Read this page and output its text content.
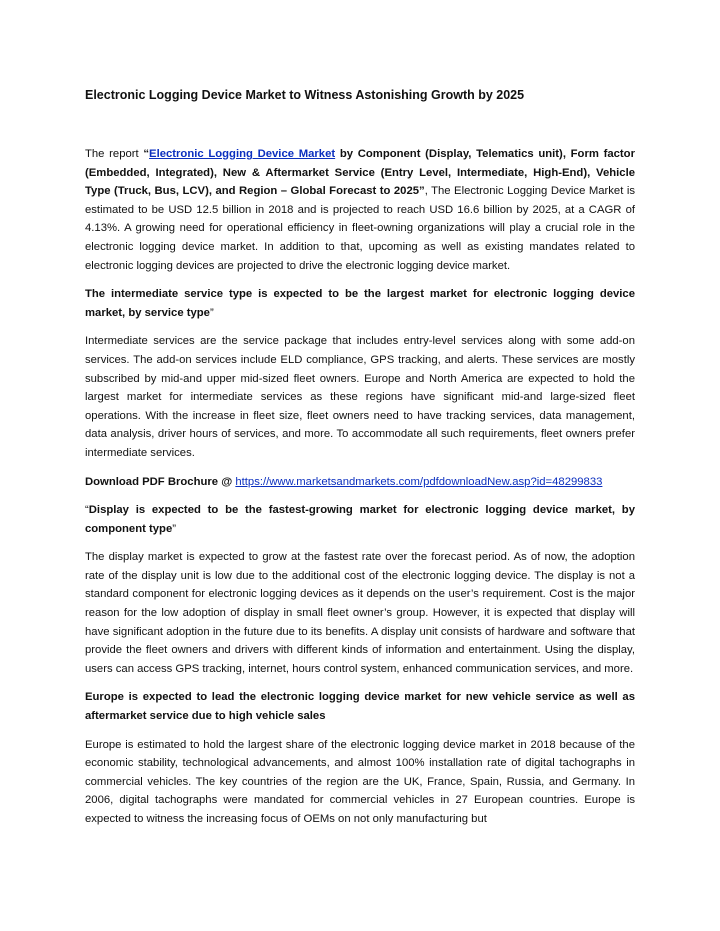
Electronic Logging Device Market to Witness Astonishing Growth by 2025

The report “Electronic Logging Device Market by Component (Display, Telematics unit), Form factor (Embedded, Integrated), New & Aftermarket Service (Entry Level, Intermediate, High-End), Vehicle Type (Truck, Bus, LCV), and Region – Global Forecast to 2025”, The Electronic Logging Device Market is estimated to be USD 12.5 billion in 2018 and is projected to reach USD 16.6 billion by 2025, at a CAGR of 4.13%. A growing need for operational efficiency in fleet-owning organizations will play a crucial role in the electronic logging device market. In addition to that, upcoming as well as existing mandates related to electronic logging devices are projected to drive the electronic logging device market.

The intermediate service type is expected to be the largest market for electronic logging device market, by service type”

Intermediate services are the service package that includes entry-level services along with some add-on services. The add-on services include ELD compliance, GPS tracking, and alerts. These services are mostly subscribed by mid-and upper mid-sized fleet owners. Europe and North America are expected to hold the largest market for intermediate services as these regions have significant mid-and large-sized fleet operations. With the increase in fleet size, fleet owners need to have tracking services, data management, data analysis, driver hours of services, and more. To accommodate all such requirements, fleet owners prefer intermediate services.

Download PDF Brochure @ https://www.marketsandmarkets.com/pdfdownloadNew.asp?id=48299833

“Display is expected to be the fastest-growing market for electronic logging device market, by component type”

The display market is expected to grow at the fastest rate over the forecast period. As of now, the adoption rate of the display unit is low due to the additional cost of the electronic logging device. The display is not a standard component for electronic logging devices as it depends on the user’s requirement. Cost is the major reason for the low adoption of display in small fleet owner’s group. However, it is expected that display will have significant adoption in the future due to its benefits. A display unit consists of hardware and software that provide the fleet owners and drivers with different kinds of information and entertainment. Using the display, users can access GPS tracking, internet, hours control system, enhanced communication services, and more.

Europe is expected to lead the electronic logging device market for new vehicle service as well as aftermarket service due to high vehicle sales

Europe is estimated to hold the largest share of the electronic logging device market in 2018 because of the economic stability, technological advancements, and almost 100% installation rate of digital tachographs in commercial vehicles. The key countries of the region are the UK, France, Spain, Russia, and Germany. In 2006, digital tachographs were mandated for commercial vehicles in 27 European countries. Europe is expected to witness the increasing focus of OEMs on not only manufacturing but
